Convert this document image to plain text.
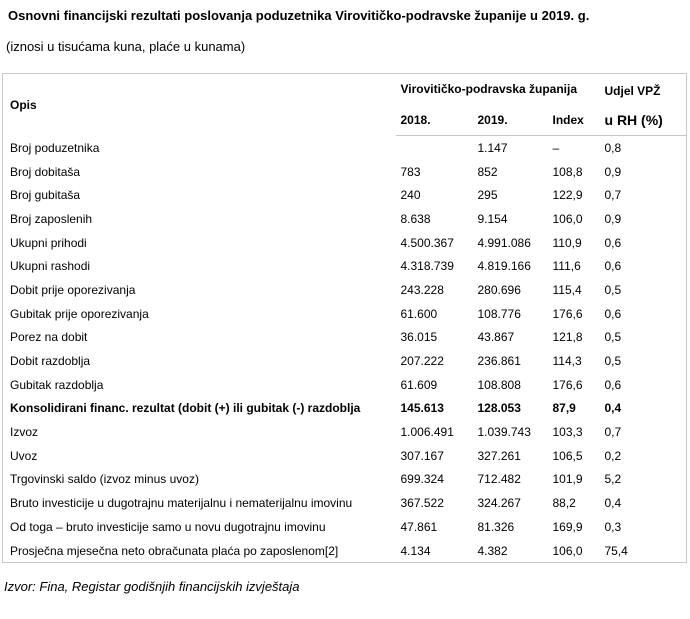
Osnovni financijski rezultati poslovanja poduzetnika Virovitičko-podravske županije u 2019. g.

(iznosi u tisućama kuna, plaće u kunama)

Opis	Virovitičko-podravska županija			Udjel VPŽ
	2018.	2019.	Index	u RH (%)
Broj poduzetnika		1.147	–	0,8
Broj dobitaša	783	852	108,8	0,9
Broj gubitaša	240	295	122,9	0,7
Broj zaposlenih	8.638	9.154	106,0	0,9
Ukupni prihodi	4.500.367	4.991.086	110,9	0,6
Ukupni rashodi	4.318.739	4.819.166	111,6	0,6
Dobit prije oporezivanja	243.228	280.696	115,4	0,5
Gubitak prije oporezivanja	61.600	108.776	176,6	0,6
Porez na dobit	36.015	43.867	121,8	0,5
Dobit razdoblja	207.222	236.861	114,3	0,5
Gubitak razdoblja	61.609	108.808	176,6	0,6
Konsolidirani financ. rezultat (dobit (+) ili gubitak (-) razdoblja	145.613	128.053	87,9	0,4
Izvoz	1.006.491	1.039.743	103,3	0,7
Uvoz	307.167	327.261	106,5	0,2
Trgovinski saldo (izvoz minus uvoz)	699.324	712.482	101,9	5,2
Bruto investicije u dugotrajnu materijalnu i nematerijalnu imovinu	367.522	324.267	88,2	0,4
Od toga – bruto investicije samo u novu dugotrajnu imovinu	47.861	81.326	169,9	0,3
Prosječna mjesečna neto obračunata plaća po zaposlenom[2]	4.134	4.382	106,0	75,4

Izvor: Fina, Registar godišnjih financijskih izvještaja
